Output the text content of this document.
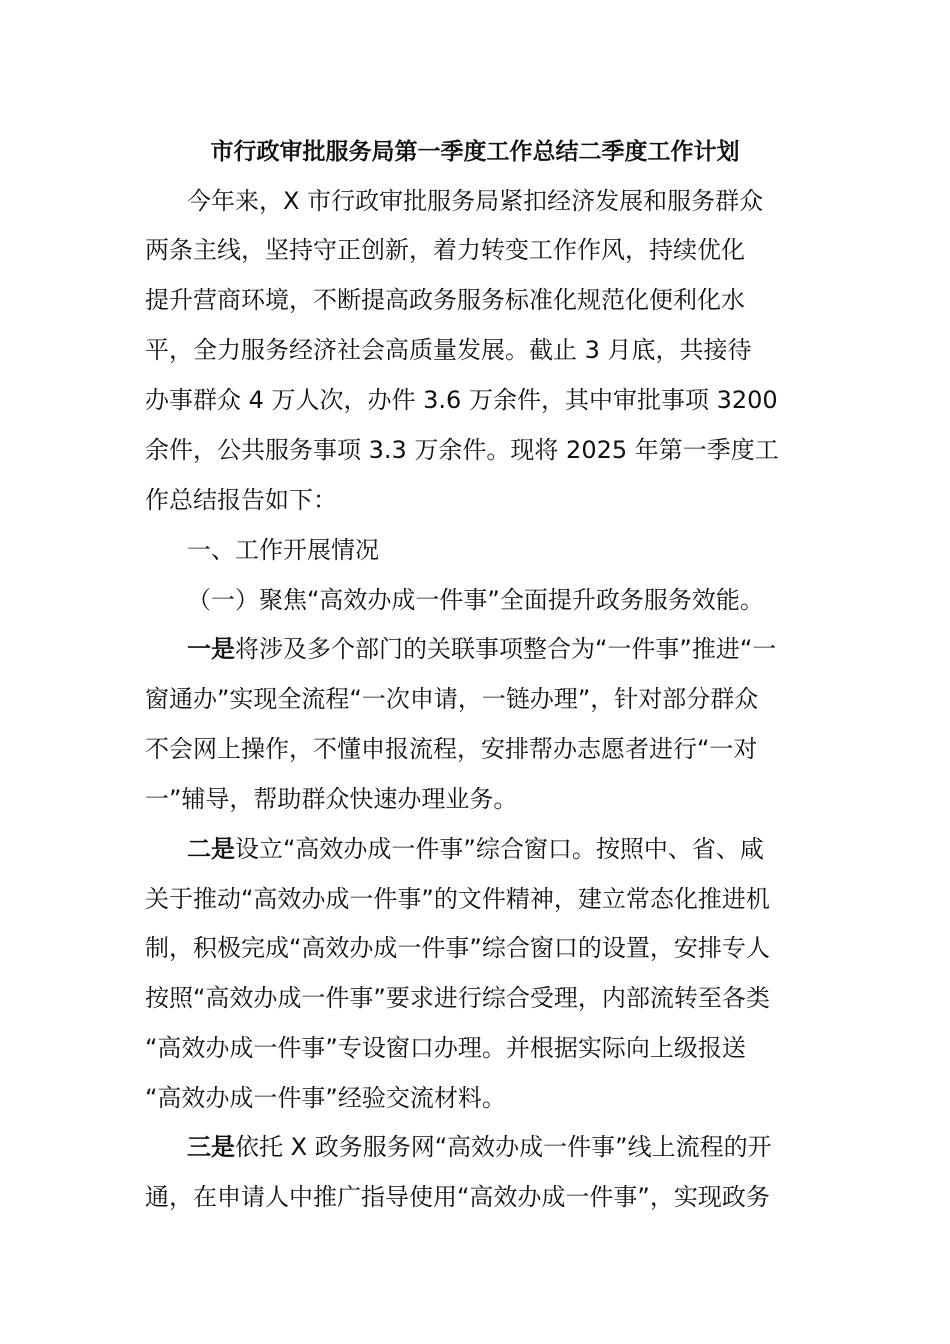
市行政审批服务局第一季度工作总结二季度工作计划
今年来，X 市行政审批服务局紧扣经济发展和服务群众
两条主线，坚持守正创新，着力转变工作作风，持续优化
提升营商环境，不断提高政务服务标准化规范化便利化水
平，全力服务经济社会高质量发展。截止 3 月底，共接待
办事群众 4 万人次，办件 3.6 万余件，其中审批事项 3200
余件，公共服务事项 3.3 万余件。现将 2025 年第一季度工
作总结报告如下：
一、工作开展情况
（一）聚焦“高效办成一件事”全面提升政务服务效能。
一是将涉及多个部门的关联事项整合为“一件事”推进“一
窗通办”实现全流程“一次申请，一链办理”，针对部分群众
不会网上操作，不懂申报流程，安排帮办志愿者进行“一对
一”辅导，帮助群众快速办理业务。
二是设立“高效办成一件事”综合窗口。按照中、省、咸
关于推动“高效办成一件事”的文件精神，建立常态化推进机
制，积极完成“高效办成一件事”综合窗口的设置，安排专人
按照“高效办成一件事”要求进行综合受理，内部流转至各类
“高效办成一件事”专设窗口办理。并根据实际向上级报送
“高效办成一件事”经验交流材料。
三是依托 X 政务服务网“高效办成一件事”线上流程的开
通，在申请人中推广指导使用“高效办成一件事”，实现政务
